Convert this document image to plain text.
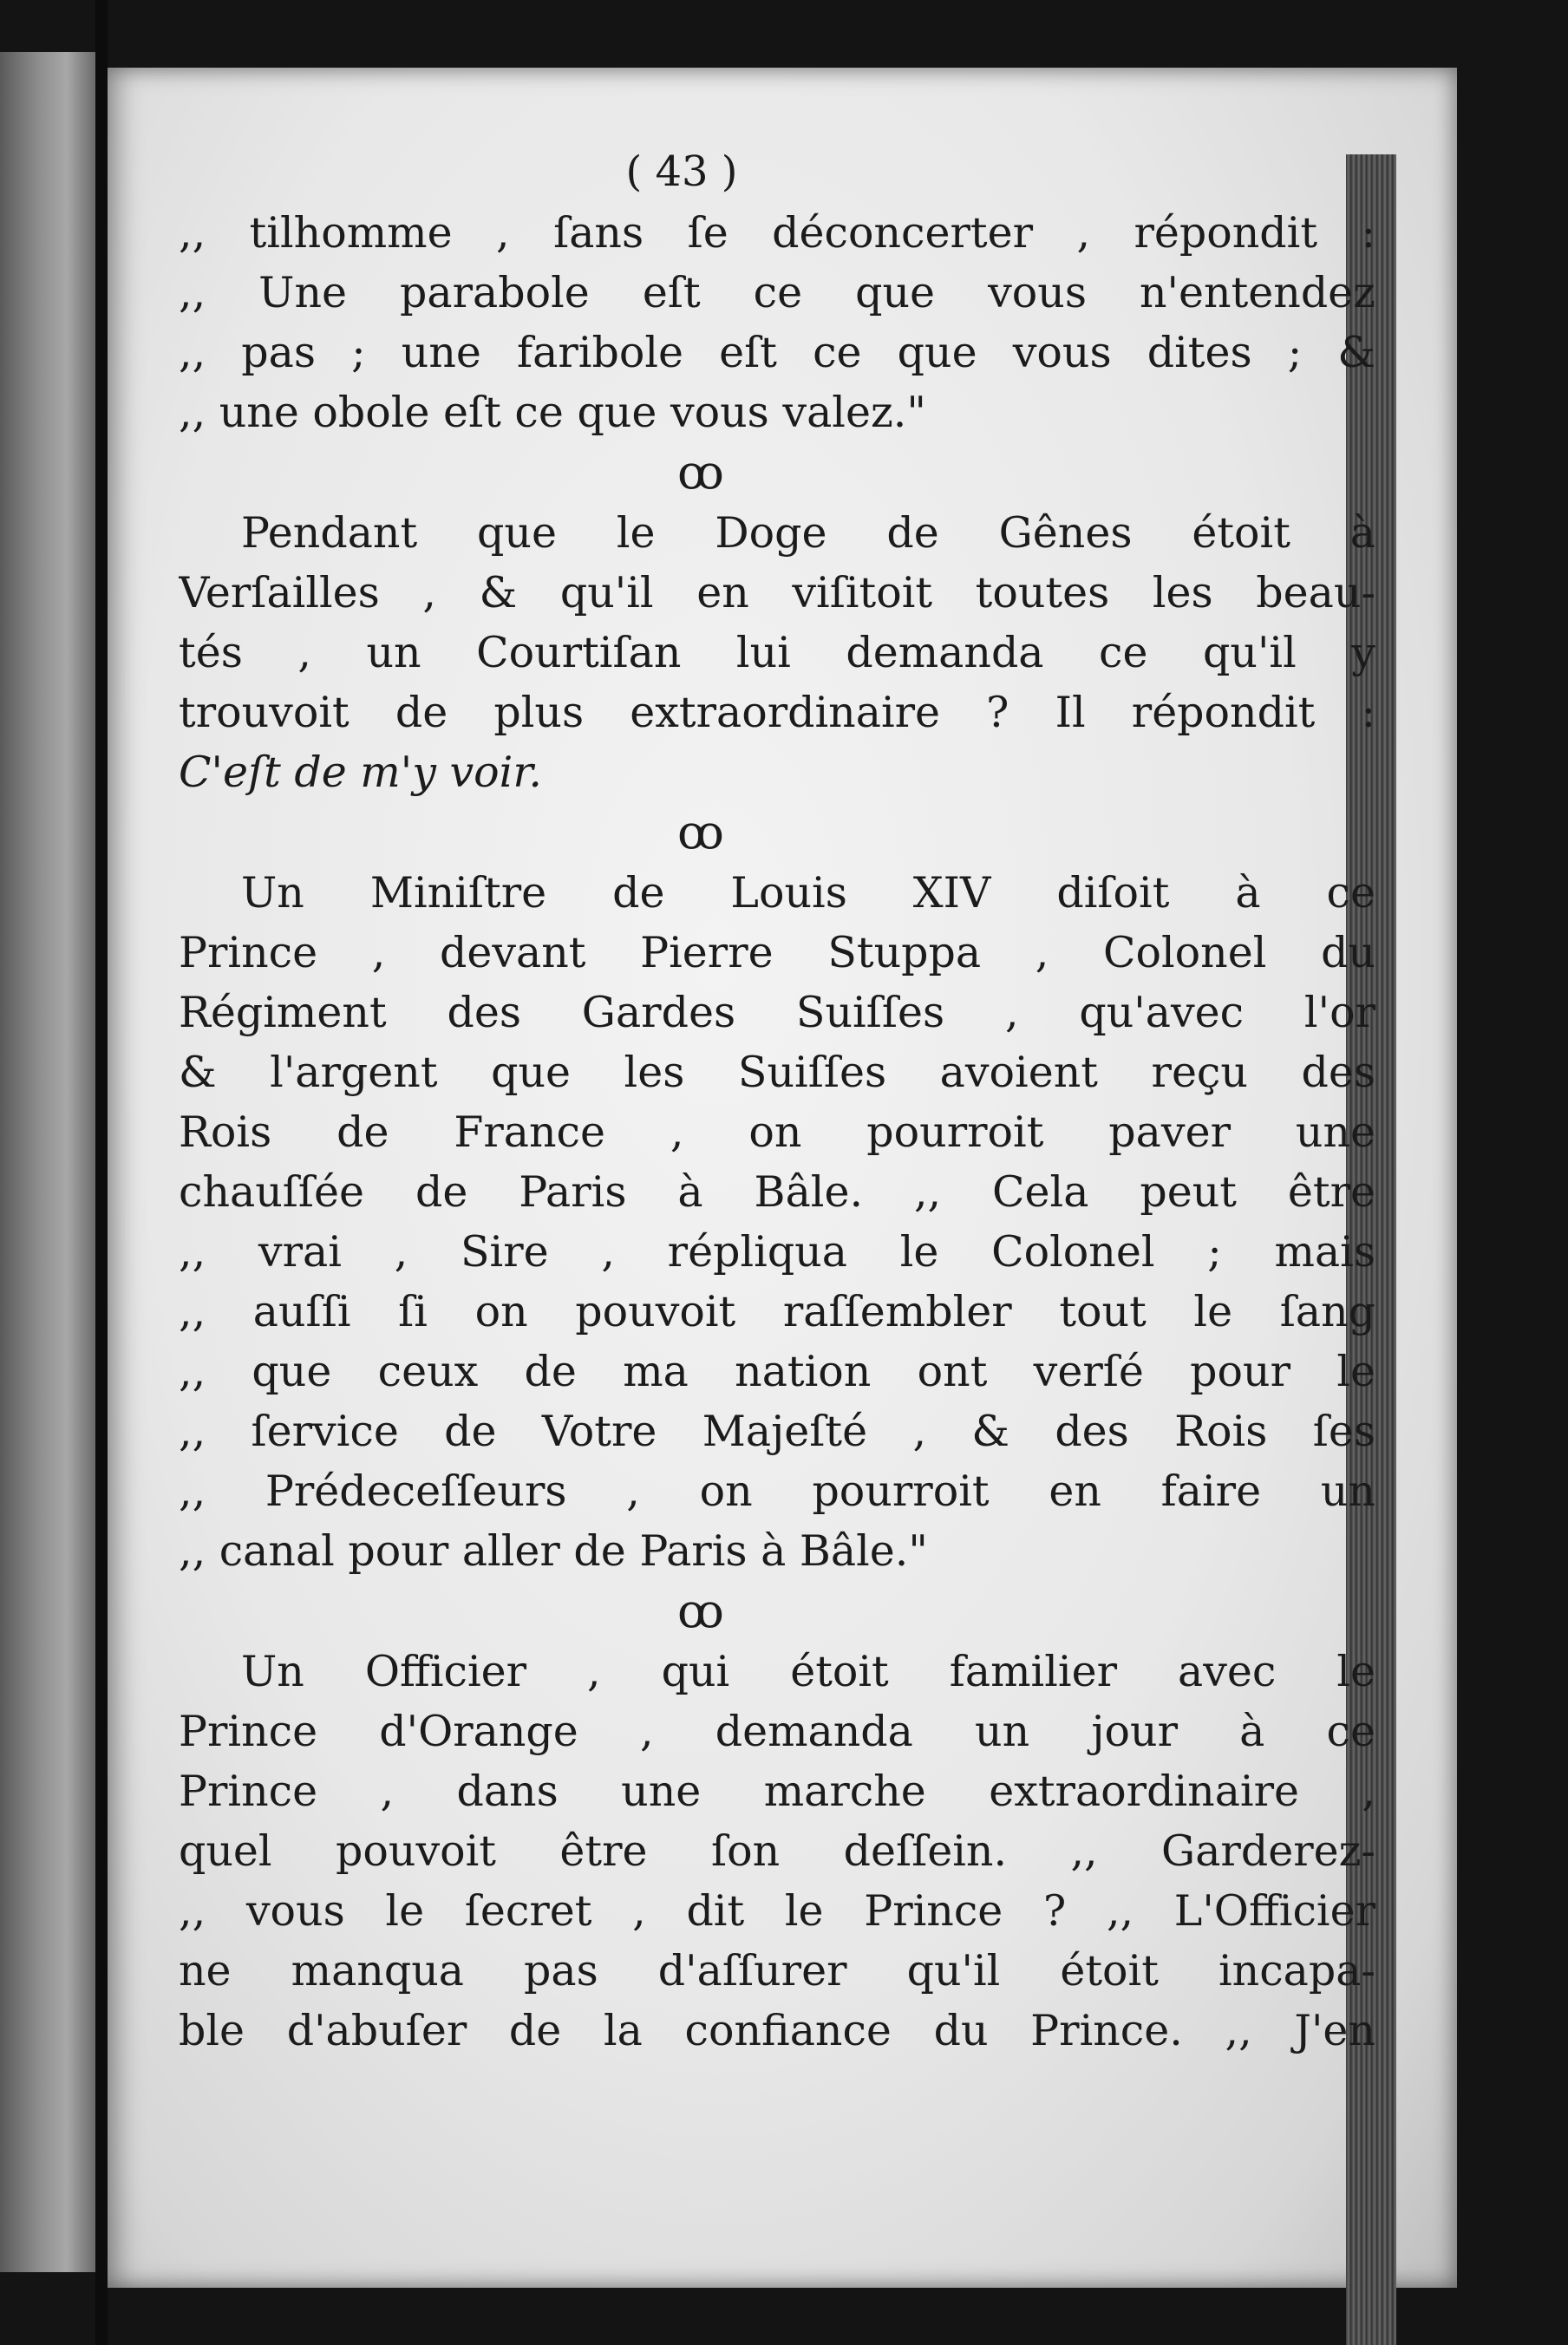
( 43 )
,, tilhomme , ſans ſe déconcerter , répondit :
,, Une parabole eſt ce que vous n'entendez
,, pas ; une faribole eſt ce que vous dites ; &
,, une obole eſt ce que vous valez."
ꝏ
Pendant que le Doge de Gênes étoit à
Verſailles , & qu'il en viſitoit toutes les beau-
tés , un Courtiſan lui demanda ce qu'il y
trouvoit de plus extraordinaire ? Il répondit :
C'eſt de m'y voir.
ꝏ
Un Miniſtre de Louis XIV diſoit à ce
Prince , devant Pierre Stuppa , Colonel du
Régiment des Gardes Suiſſes , qu'avec l'or
& l'argent que les Suiſſes avoient reçu des
Rois de France , on pourroit paver une
chauſſée de Paris à Bâle. ,, Cela peut être
,, vrai , Sire , répliqua le Colonel ; mais
,, auſſi ſi on pouvoit raſſembler tout le ſang
,, que ceux de ma nation ont verſé pour le
,, ſervice de Votre Majeſté , & des Rois ſes
,, Prédeceſſeurs , on pourroit en faire un
,, canal pour aller de Paris à Bâle."
ꝏ
Un Officier , qui étoit familier avec le
Prince d'Orange , demanda un jour à ce
Prince , dans une marche extraordinaire ,
quel pouvoit être ſon deſſein. ,, Garderez-
,, vous le ſecret , dit le Prince ? ,, L'Officier
ne manqua pas d'aſſurer qu'il étoit incapa-
ble d'abuſer de la confiance du Prince. ,, J'en
